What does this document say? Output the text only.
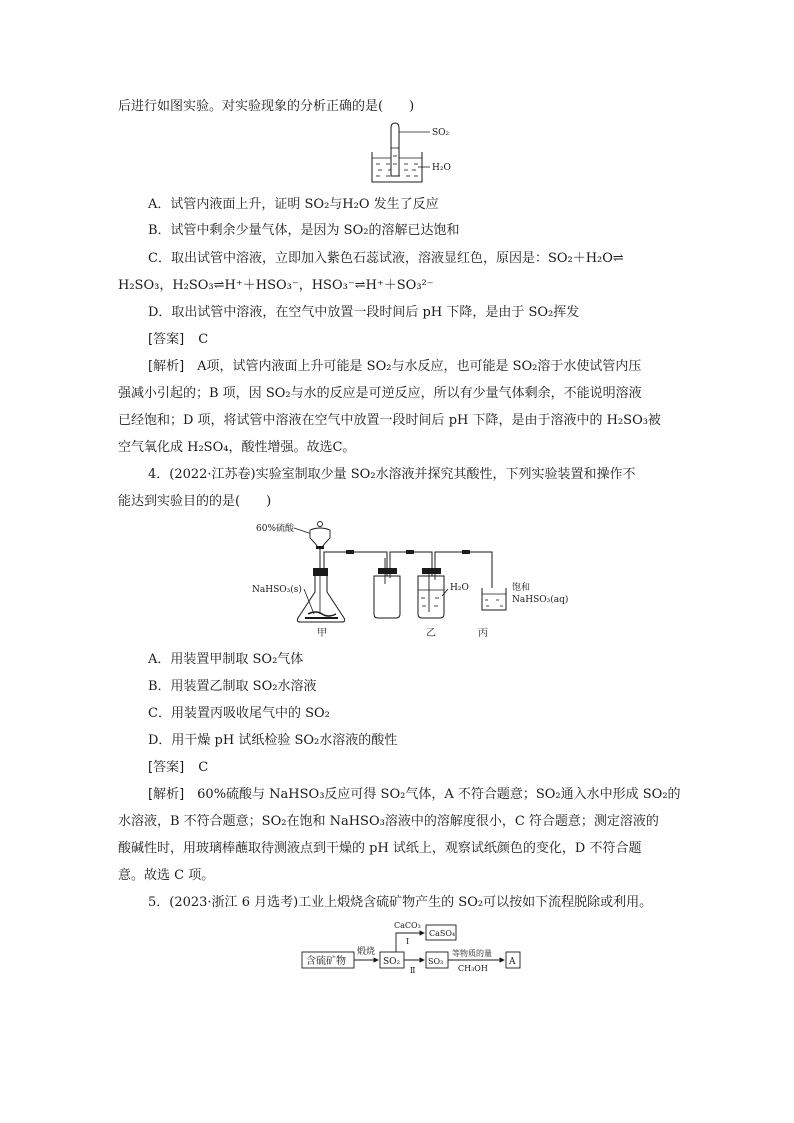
后进行如图实验。对实验现象的分析正确的是(　　)
SO₂
H₂O
A．试管内液面上升，证明 SO₂与H₂O 发生了反应
B．试管中剩余少量气体，是因为 SO₂的溶解已达饱和
C．取出试管中溶液，立即加入紫色石蕊试液，溶液显红色，原因是：SO₂＋H₂O⇌
H₂SO₃，H₂SO₃⇌H⁺＋HSO₃⁻，HSO₃⁻⇌H⁺＋SO₃²⁻
D．取出试管中溶液，在空气中放置一段时间后 pH 下降，是由于 SO₂挥发
[答案] C
[解析]　A项，试管内液面上升可能是 SO₂与水反应，也可能是 SO₂溶于水使试管内压
强减小引起的；B 项，因 SO₂与水的反应是可逆反应，所以有少量气体剩余，不能说明溶液
已经饱和；D 项，将试管中溶液在空气中放置一段时间后 pH 下降，是由于溶液中的 H₂SO₃被
空气氧化成 H₂SO₄，酸性增强。故选C。
4．(2022·江苏卷)实验室制取少量 SO₂水溶液并探究其酸性，下列实验装置和操作不
能达到实验目的的是(　　)
60%硫酸
NaHSO₃(s)
甲
H₂O
乙
饱和
NaHSO₃(aq)
丙
A．用装置甲制取 SO₂气体
B．用装置乙制取 SO₂水溶液
C．用装置丙吸收尾气中的 SO₂
D．用干燥 pH 试纸检验 SO₂水溶液的酸性
[答案] C
[解析]　60%硫酸与 NaHSO₃反应可得 SO₂气体，A 不符合题意；SO₂通入水中形成 SO₂的
水溶液，B 不符合题意；SO₂在饱和 NaHSO₃溶液中的溶解度很小，C 符合题意；测定溶液的
酸碱性时，用玻璃棒蘸取待测液点到干燥的 pH 试纸上，观察试纸颜色的变化，D 不符合题
意。故选 C 项。
5．(2023·浙江 6 月选考)工业上煅烧含硫矿物产生的 SO₂可以按如下流程脱除或利用。
含硫矿物
煅烧
SO₂
CaCO₃
Ⅰ
CaSO₄
Ⅱ
SO₃
等物质的量
CH₃OH
A
